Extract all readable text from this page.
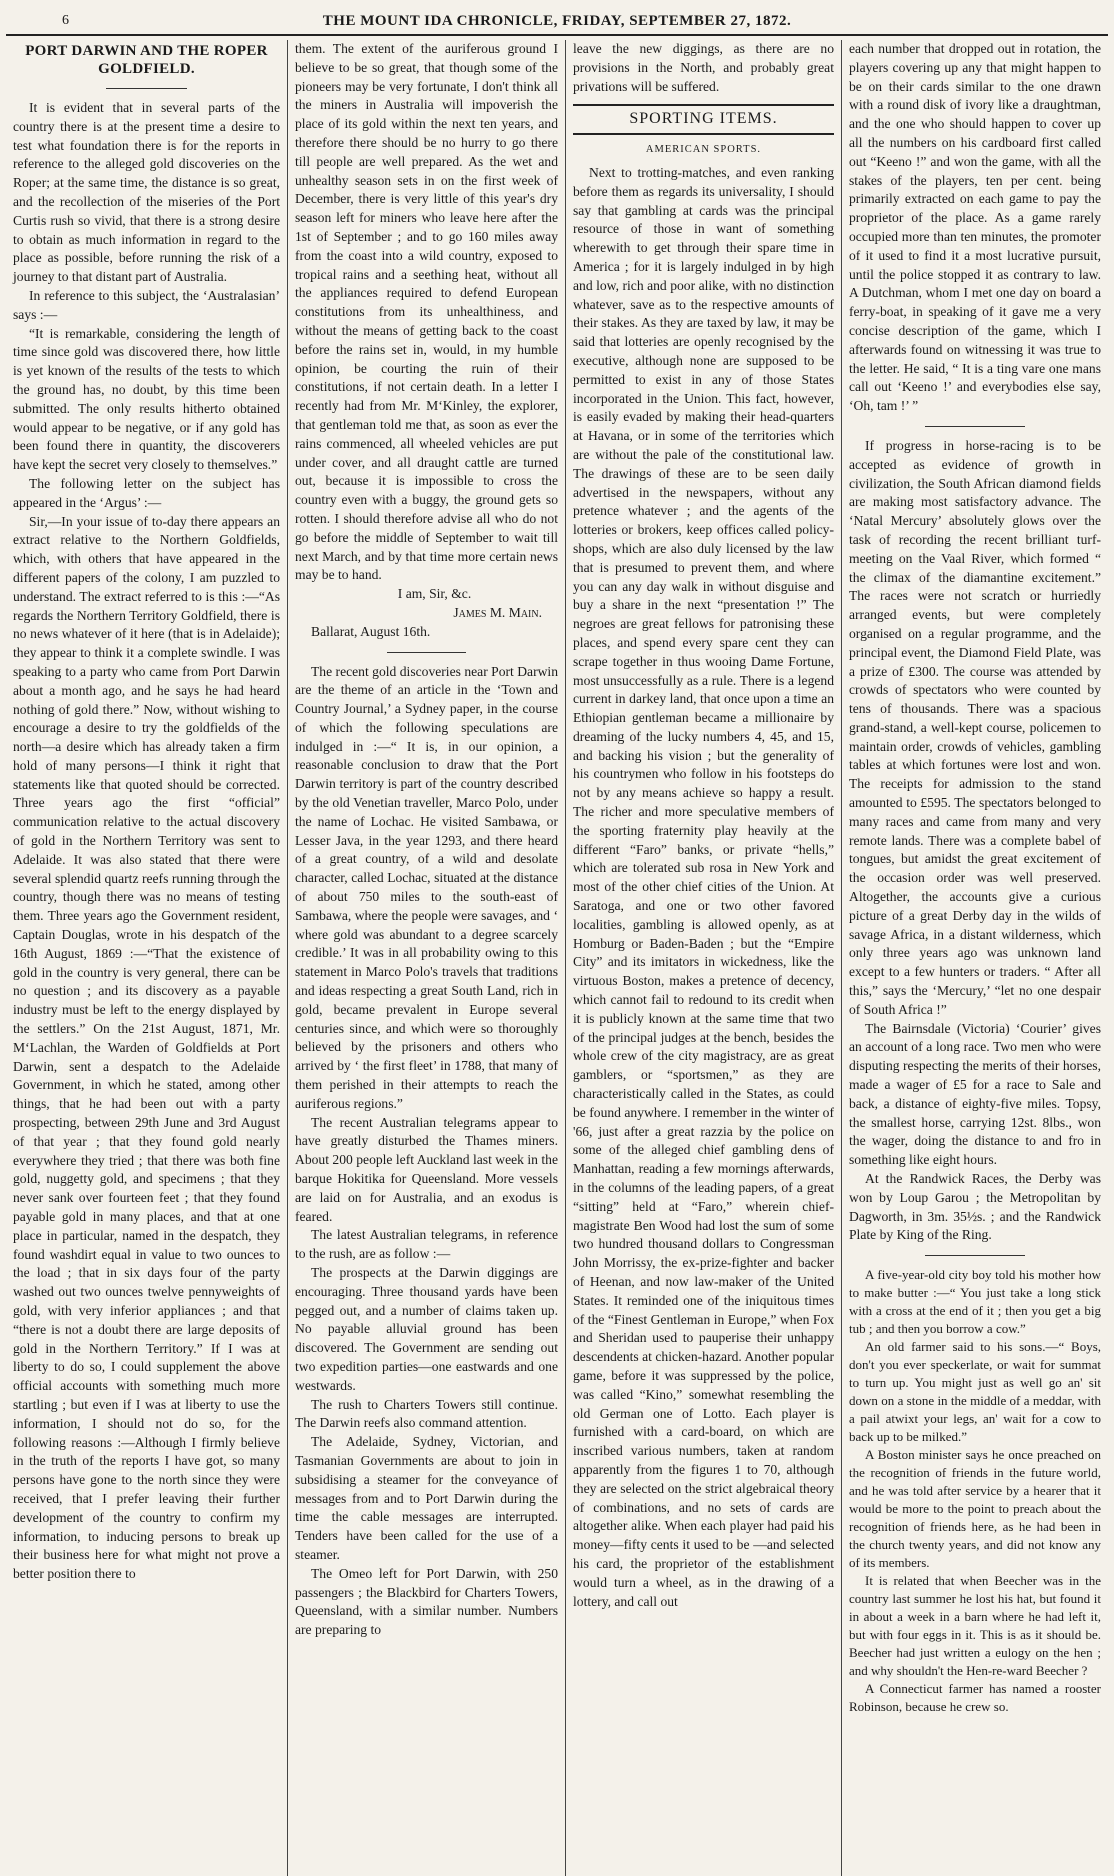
6	THE MOUNT IDA CHRONICLE, FRIDAY, SEPTEMBER 27, 1872.
PORT DARWIN AND THE ROPER GOLDFIELD.

It is evident that in several parts of the country there is at the present time a desire to test what foundation there is for the reports in reference to the alleged gold discoveries on the Roper; at the same time, the distance is so great, and the recollection of the miseries of the Port Curtis rush so vivid, that there is a strong desire to obtain as much information in regard to the place as possible, before running the risk of a journey to that distant part of Australia.

In reference to this subject, the ‘Australasian’ says :—

“It is remarkable, considering the length of time since gold was discovered there, how little is yet known of the results of the tests to which the ground has, no doubt, by this time been submitted. The only results hitherto obtained would appear to be negative, or if any gold has been found there in quantity, the discoverers have kept the secret very closely to themselves.”

The following letter on the subject has appeared in the ‘Argus’ :—

Sir,—In your issue of to-day there appears an extract relative to the Northern Goldfields, which, with others that have appeared in the different papers of the colony, I am puzzled to understand. The extract referred to is this :—“As regards the Northern Territory Goldfield, there is no news whatever of it here (that is in Adelaide); they appear to think it a complete swindle. I was speaking to a party who came from Port Darwin about a month ago, and he says he had heard nothing of gold there.” Now, without wishing to encourage a desire to try the goldfields of the north—a desire which has already taken a firm hold of many persons—I think it right that statements like that quoted should be corrected. Three years ago the first “official” communication relative to the actual discovery of gold in the Northern Territory was sent to Adelaide. It was also stated that there were several splendid quartz reefs running through the country, though there was no means of testing them. Three years ago the Government resident, Captain Douglas, wrote in his despatch of the 16th August, 1869 :—“That the existence of gold in the country is very general, there can be no question ; and its discovery as a payable industry must be left to the energy displayed by the settlers.” On the 21st August, 1871, Mr. M‘Lachlan, the Warden of Goldfields at Port Darwin, sent a despatch to the Adelaide Government, in which he stated, among other things, that he had been out with a party prospecting, between 29th June and 3rd August of that year ; that they found gold nearly everywhere they tried ; that there was both fine gold, nuggetty gold, and specimens ; that they never sank over fourteen feet ; that they found payable gold in many places, and that at one place in particular, named in the despatch, they found washdirt equal in value to two ounces to the load ; that in six days four of the party washed out two ounces twelve pennyweights of gold, with very inferior appliances ; and that “there is not a doubt there are large deposits of gold in the Northern Territory.” If I was at liberty to do so, I could supplement the above official accounts with something much more startling ; but even if I was at liberty to use the information, I should not do so, for the following reasons :—Although I firmly believe in the truth of the reports I have got, so many persons have gone to the north since they were received, that I prefer leaving their further development of the country to confirm my information, to inducing persons to break up their business here for what might not prove a better position there to

them. The extent of the auriferous ground I believe to be so great, that though some of the pioneers may be very fortunate, I don't think all the miners in Australia will impoverish the place of its gold within the next ten years, and therefore there should be no hurry to go there till people are well prepared. As the wet and unhealthy season sets in on the first week of December, there is very little of this year's dry season left for miners who leave here after the 1st of September ; and to go 160 miles away from the coast into a wild country, exposed to tropical rains and a seething heat, without all the appliances required to defend European constitutions from its unhealthiness, and without the means of getting back to the coast before the rains set in, would, in my humble opinion, be courting the ruin of their constitutions, if not certain death. In a letter I recently had from Mr. M‘Kinley, the explorer, that gentleman told me that, as soon as ever the rains commenced, all wheeled vehicles are put under cover, and all draught cattle are turned out, because it is impossible to cross the country even with a buggy, the ground gets so rotten. I should therefore advise all who do not go before the middle of September to wait till next March, and by that time more certain news may be to hand.

I am, Sir, &c.

James M. Main.

Ballarat, August 16th.

The recent gold discoveries near Port Darwin are the theme of an article in the ‘Town and Country Journal,’ a Sydney paper, in the course of which the following speculations are indulged in :—“ It is, in our opinion, a reasonable conclusion to draw that the Port Darwin territory is part of the country described by the old Venetian traveller, Marco Polo, under the name of Lochac. He visited Sambawa, or Lesser Java, in the year 1293, and there heard of a great country, of a wild and desolate character, called Lochac, situated at the distance of about 750 miles to the south-east of Sambawa, where the people were savages, and ‘ where gold was abundant to a degree scarcely credible.’ It was in all probability owing to this statement in Marco Polo's travels that traditions and ideas respecting a great South Land, rich in gold, became prevalent in Europe several centuries since, and which were so thoroughly believed by the prisoners and others who arrived by ‘ the first fleet’ in 1788, that many of them perished in their attempts to reach the auriferous regions.”

The recent Australian telegrams appear to have greatly disturbed the Thames miners. About 200 people left Auckland last week in the barque Hokitika for Queensland. More vessels are laid on for Australia, and an exodus is feared.

The latest Australian telegrams, in reference to the rush, are as follow :—

The prospects at the Darwin diggings are encouraging. Three thousand yards have been pegged out, and a number of claims taken up. No payable alluvial ground has been discovered. The Government are sending out two expedition parties—one eastwards and one westwards.

The rush to Charters Towers still continue. The Darwin reefs also command attention.

The Adelaide, Sydney, Victorian, and Tasmanian Governments are about to join in subsidising a steamer for the conveyance of messages from and to Port Darwin during the time the cable messages are interrupted. Tenders have been called for the use of a steamer.

The Omeo left for Port Darwin, with 250 passengers ; the Blackbird for Charters Towers, Queensland, with a similar number. Numbers are preparing to

leave the new diggings, as there are no provisions in the North, and probably great privations will be suffered.

SPORTING ITEMS.
AMERICAN SPORTS.

Next to trotting-matches, and even ranking before them as regards its universality, I should say that gambling at cards was the principal resource of those in want of something wherewith to get through their spare time in America ; for it is largely indulged in by high and low, rich and poor alike, with no distinction whatever, save as to the respective amounts of their stakes. As they are taxed by law, it may be said that lotteries are openly recognised by the executive, although none are supposed to be permitted to exist in any of those States incorporated in the Union. This fact, however, is easily evaded by making their head-quarters at Havana, or in some of the territories which are without the pale of the constitutional law. The drawings of these are to be seen daily advertised in the newspapers, without any pretence whatever ; and the agents of the lotteries or brokers, keep offices called policy-shops, which are also duly licensed by the law that is presumed to prevent them, and where you can any day walk in without disguise and buy a share in the next “presentation !” The negroes are great fellows for patronising these places, and spend every spare cent they can scrape together in thus wooing Dame Fortune, most unsuccessfully as a rule. There is a legend current in darkey land, that once upon a time an Ethiopian gentleman became a millionaire by dreaming of the lucky numbers 4, 45, and 15, and backing his vision ; but the generality of his countrymen who follow in his footsteps do not by any means achieve so happy a result. The richer and more speculative members of the sporting fraternity play heavily at the different “Faro” banks, or private “hells,” which are tolerated sub rosa in New York and most of the other chief cities of the Union. At Saratoga, and one or two other favored localities, gambling is allowed openly, as at Homburg or Baden-Baden ; but the “Empire City” and its imitators in wickedness, like the virtuous Boston, makes a pretence of decency, which cannot fail to redound to its credit when it is publicly known at the same time that two of the principal judges at the bench, besides the whole crew of the city magistracy, are as great gamblers, or “sportsmen,” as they are characteristically called in the States, as could be found anywhere. I remember in the winter of '66, just after a great razzia by the police on some of the alleged chief gambling dens of Manhattan, reading a few mornings afterwards, in the columns of the leading papers, of a great “sitting” held at “Faro,” wherein chief-magistrate Ben Wood had lost the sum of some two hundred thousand dollars to Congressman John Morrissy, the ex-prize-fighter and backer of Heenan, and now law-maker of the United States. It reminded one of the iniquitous times of the “Finest Gentleman in Europe,” when Fox and Sheridan used to pauperise their unhappy descendents at chicken-hazard. Another popular game, before it was suppressed by the police, was called “Kino,” somewhat resembling the old German one of Lotto. Each player is furnished with a card-board, on which are inscribed various numbers, taken at random apparently from the figures 1 to 70, although they are selected on the strict algebraical theory of combinations, and no sets of cards are altogether alike. When each player had paid his money—fifty cents it used to be —and selected his card, the proprietor of the establishment would turn a wheel, as in the drawing of a lottery, and call out

each number that dropped out in rotation, the players covering up any that might happen to be on their cards similar to the one drawn with a round disk of ivory like a draughtman, and the one who should happen to cover up all the numbers on his cardboard first called out “Keeno !” and won the game, with all the stakes of the players, ten per cent. being primarily extracted on each game to pay the proprietor of the place. As a game rarely occupied more than ten minutes, the promoter of it used to find it a most lucrative pursuit, until the police stopped it as contrary to law. A Dutchman, whom I met one day on board a ferry-boat, in speaking of it gave me a very concise description of the game, which I afterwards found on witnessing it was true to the letter. He said, “ It is a ting vare one mans call out ‘Keeno !’ and everybodies else say, ‘Oh, tam !’ ”

If progress in horse-racing is to be accepted as evidence of growth in civilization, the South African diamond fields are making most satisfactory advance. The ‘Natal Mercury’ absolutely glows over the task of recording the recent brilliant turf-meeting on the Vaal River, which formed “ the climax of the diamantine excitement.” The races were not scratch or hurriedly arranged events, but were completely organised on a regular programme, and the principal event, the Diamond Field Plate, was a prize of £300. The course was attended by crowds of spectators who were counted by tens of thousands. There was a spacious grand-stand, a well-kept course, policemen to maintain order, crowds of vehicles, gambling tables at which fortunes were lost and won. The receipts for admission to the stand amounted to £595. The spectators belonged to many races and came from many and very remote lands. There was a complete babel of tongues, but amidst the great excitement of the occasion order was well preserved. Altogether, the accounts give a curious picture of a great Derby day in the wilds of savage Africa, in a distant wilderness, which only three years ago was unknown land except to a few hunters or traders. “ After all this,” says the ‘Mercury,’ “let no one despair of South Africa !”

The Bairnsdale (Victoria) ‘Courier’ gives an account of a long race. Two men who were disputing respecting the merits of their horses, made a wager of £5 for a race to Sale and back, a distance of eighty-five miles. Topsy, the smallest horse, carrying 12st. 8lbs., won the wager, doing the distance to and fro in something like eight hours.

At the Randwick Races, the Derby was won by Loup Garou ; the Metropolitan by Dagworth, in 3m. 35½s. ; and the Randwick Plate by King of the Ring.

A five-year-old city boy told his mother how to make butter :—“ You just take a long stick with a cross at the end of it ; then you get a big tub ; and then you borrow a cow.”

An old farmer said to his sons.—“ Boys, don't you ever speckerlate, or wait for summat to turn up. You might just as well go an' sit down on a stone in the middle of a meddar, with a pail atwixt your legs, an' wait for a cow to back up to be milked.”

A Boston minister says he once preached on the recognition of friends in the future world, and he was told after service by a hearer that it would be more to the point to preach about the recognition of friends here, as he had been in the church twenty years, and did not know any of its members.

It is related that when Beecher was in the country last summer he lost his hat, but found it in about a week in a barn where he had left it, but with four eggs in it. This is as it should be. Beecher had just written a eulogy on the hen ; and why shouldn't the Hen-re-ward Beecher ?

A Connecticut farmer has named a rooster Robinson, because he crew so.
